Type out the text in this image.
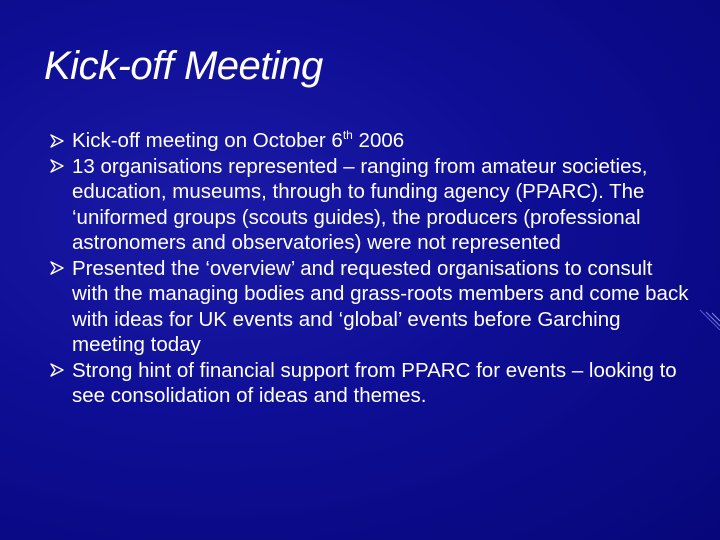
Kick-off Meeting
Kick-off meeting on October 6th 2006
13 organisations represented – ranging from amateur societies, education, museums, through to funding agency (PPARC). The ‘uniformed groups (scouts guides), the producers (professional astronomers and observatories) were not represented
Presented the ‘overview’ and requested organisations to consult with the managing bodies and grass-roots members and come back with ideas for UK events and ‘global’ events before Garching meeting today
Strong hint of financial support from PPARC for events – looking to see consolidation of ideas and themes.
